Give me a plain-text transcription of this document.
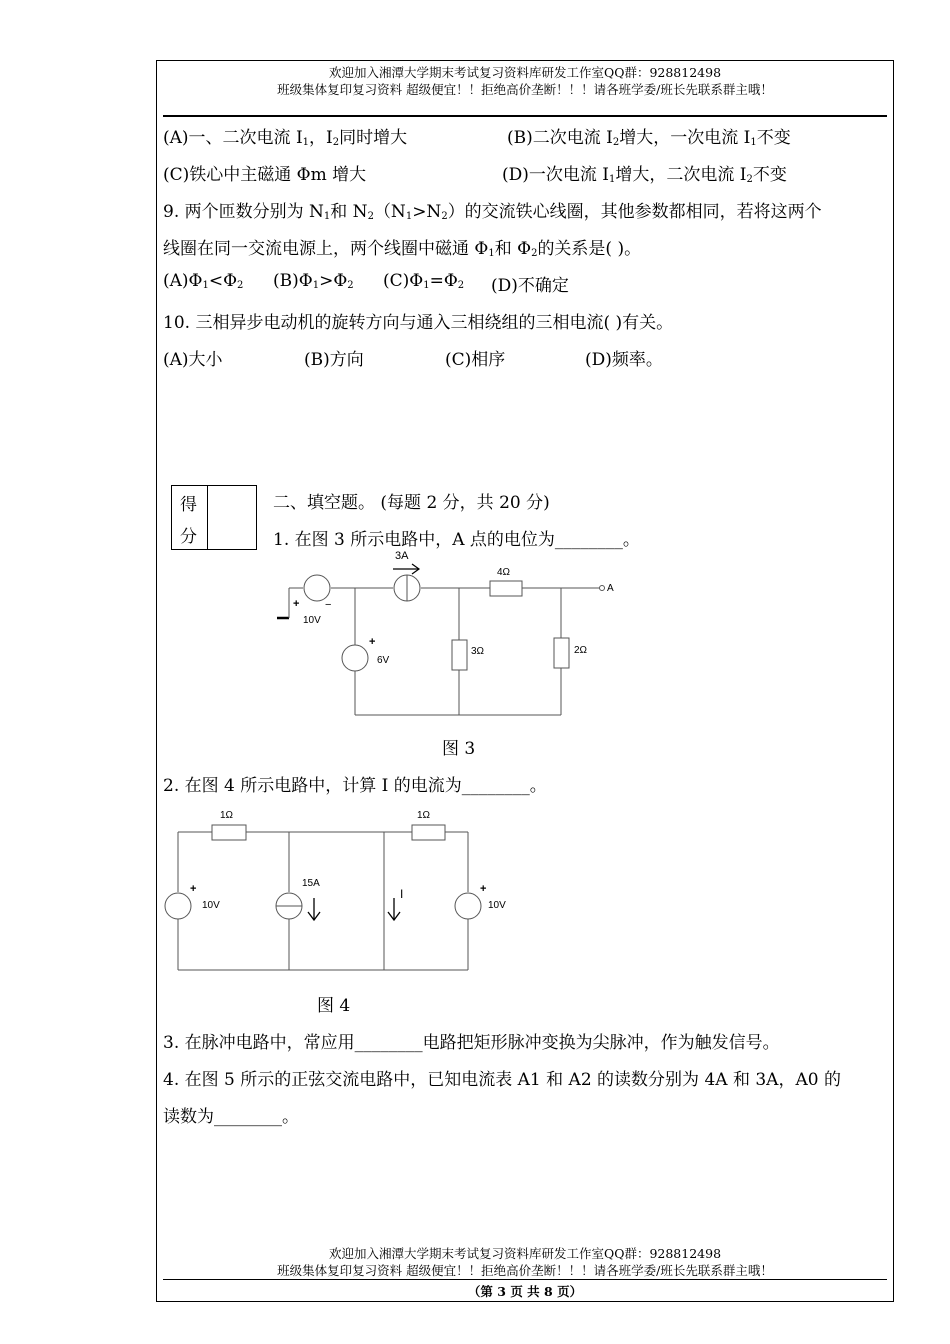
欢迎加入湘潭大学期末考试复习资料库研发工作室QQ群：928812498
班级集体复印复习资料 超级便宜！！拒绝高价垄断！！！请各班学委/班长先联系群主哦！
(A)一、二次电流 $I_1$，$I_2$同时增大	(B)二次电流 $I_2$增大，一次电流 $I_1$不变
(C)铁心中主磁通 Φm 增大	(D)一次电流 $I_1$增大，二次电流 $I_2$不变
9. 两个匝数分别为 $N_1$和 $N_2(N_1>N_2)$的交流铁心线圈，其他参数都相同，若将这两个
线圈在同一交流电源上，两个线圈中磁通 $\Phi_1$和 $\Phi_2$的关系是( )。
$(A)\Phi_1<\Phi_2$ $(B)\Phi_1>\Phi_2$ $(C)\Phi_1=\Phi_2$ (D)不确定
10. 三相异步电动机的旋转方向与通入三相绕组的三相电流( )有关。
(A)大小	(B)方向	(C)相序	(D)频率。
得
分
二、填空题。 (每题 2 分，共 20 分)
1. 在图 3 所示电路中，A 点的电位为________。
3A
4Ω
A
+ −
10V
+
6V
3Ω	2Ω
图 3
2. 在图 4 所示电路中，计算 I 的电流为________。
1Ω	1Ω
+
10V
15A
I	+
10V
图 4
3. 在脉冲电路中，常应用________电路把矩形脉冲变换为尖脉冲，作为触发信号。
4. 在图 5 所示的正弦交流电路中，已知电流表 A1 和 A2 的读数分别为 4A 和 3A，A0 的
读数为________。
欢迎加入湘潭大学期末考试复习资料库研发工作室QQ群：928812498
班级集体复印复习资料 超级便宜！！拒绝高价垄断！！！请各班学委/班长先联系群主哦！
（第 3 页 共 8 页）
